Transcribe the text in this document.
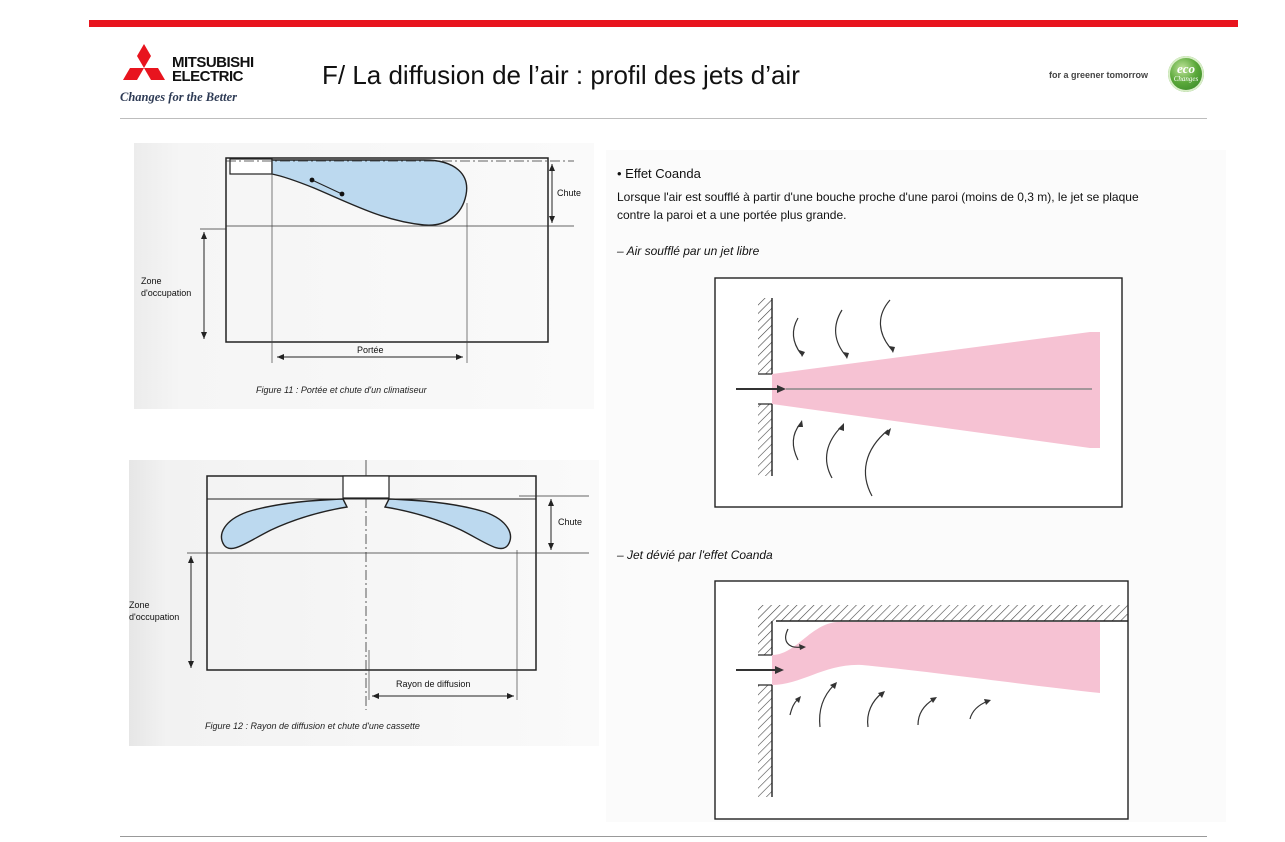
MITSUBISHI
ELECTRIC
Changes for the Better
F/ La diffusion de l’air : profil des jets d’air	for a greener tomorrow	eco
Changes
Chute
Zone
d'occupation
Portée
Figure 11 : Portée et chute d'un climatiseur
Chute
Zone
d'occupation
Rayon de diffusion
Figure 12 : Rayon de diffusion et chute d'une cassette
• Effet Coanda
Lorsque l'air est soufflé à partir d'une bouche proche d'une paroi (moins de 0,3 m), le jet se plaque
contre la paroi et a une portée plus grande.
– Air soufflé par un jet libre
– Jet dévié par l'effet Coanda
